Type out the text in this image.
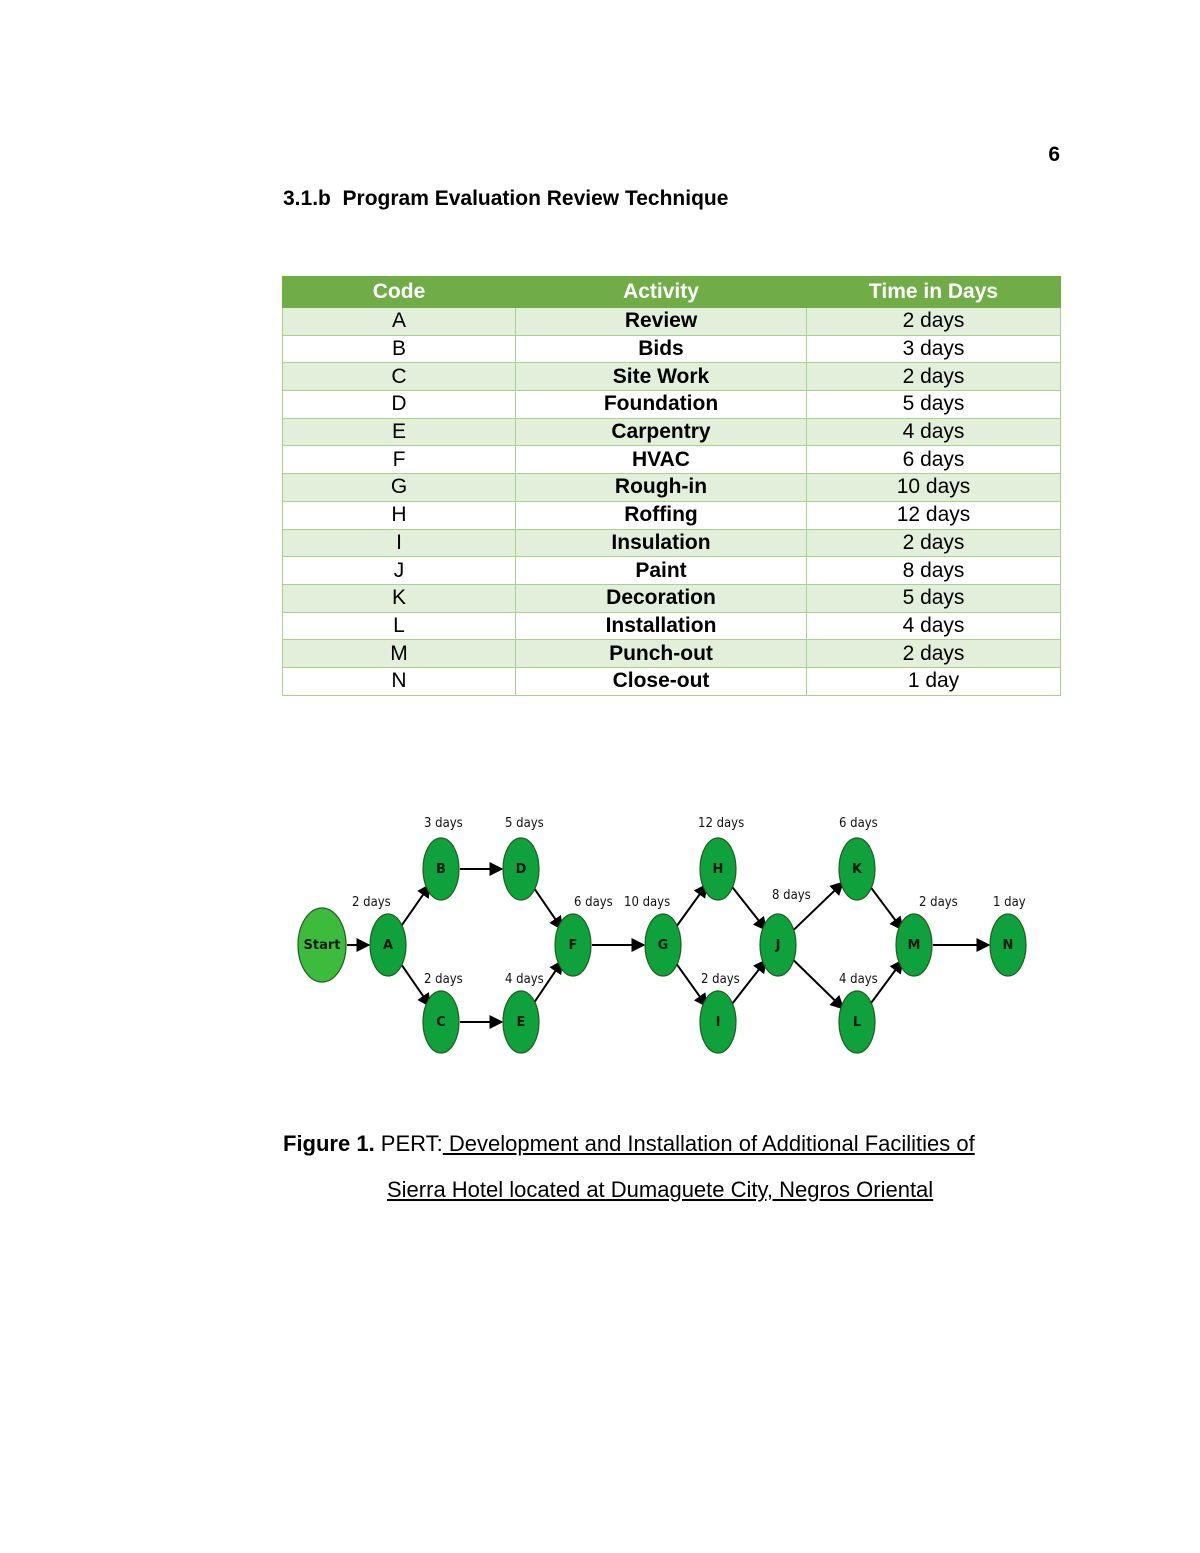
6
3.1.b  Program Evaluation Review Technique
Code	Activity	Time in Days
A	Review	2 days
B	Bids	3 days
C	Site Work	2 days
D	Foundation	5 days
E	Carpentry	4 days
F	HVAC	6 days
G	Rough-in	10 days
H	Roffing	12 days
I	Insulation	2 days
J	Paint	8 days
K	Decoration	5 days
L	Installation	4 days
M	Punch-out	2 days
N	Close-out	1 day
Start	A
B
C
D
E
F	G
H
I
J
K
L
M	N
2 days
3 days
2 days
5 days
4 days
6 days 10 days
12 days
2 days
8 days
6 days
4 days
2 days	1 day
Figure 1. PERT: Development and Installation of Additional Facilities of
Sierra Hotel located at Dumaguete City, Negros Oriental
